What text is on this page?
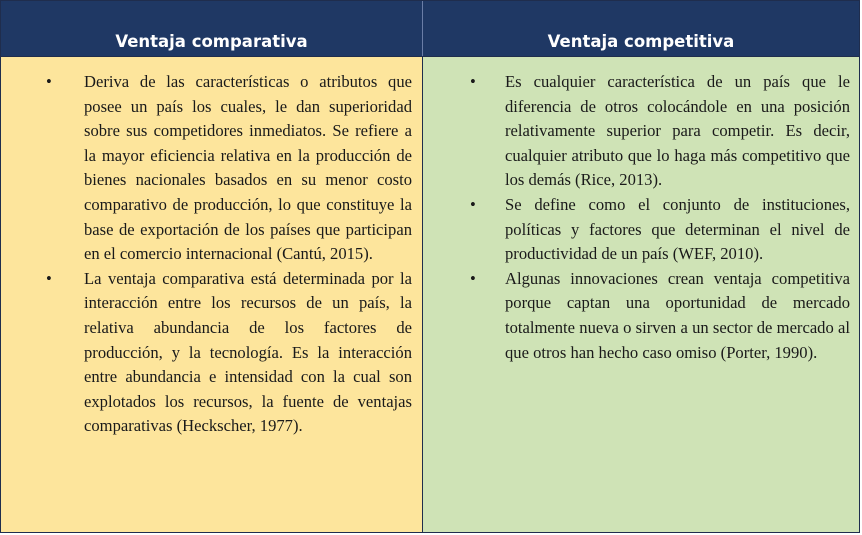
Ventaja comparativa	Ventaja competitiva
• Deriva de las características o atributos que posee un país los cuales, le dan superioridad sobre sus competidores inmediatos. Se refiere a la mayor eficiencia relativa en la producción de bienes nacionales basados en su menor costo comparativo de producción, lo que constituye la base de exportación de los países que participan en el comercio internacional (Cantú, 2015).
• La ventaja comparativa está determinada por la interacción entre los recursos de un país, la relativa abundancia de los factores de producción, y la tecnología. Es la interacción entre abundancia e intensidad con la cual son explotados los recursos, la fuente de ventajas comparativas (Heckscher, 1977).
• Es cualquier característica de un país que le diferencia de otros colocándole en una posición relativamente superior para competir. Es decir, cualquier atributo que lo haga más competitivo que los demás (Rice, 2013).
• Se define como el conjunto de instituciones, políticas y factores que determinan el nivel de productividad de un país (WEF, 2010).
• Algunas innovaciones crean ventaja competitiva porque captan una oportunidad de mercado totalmente nueva o sirven a un sector de mercado al que otros han hecho caso omiso (Porter, 1990).
